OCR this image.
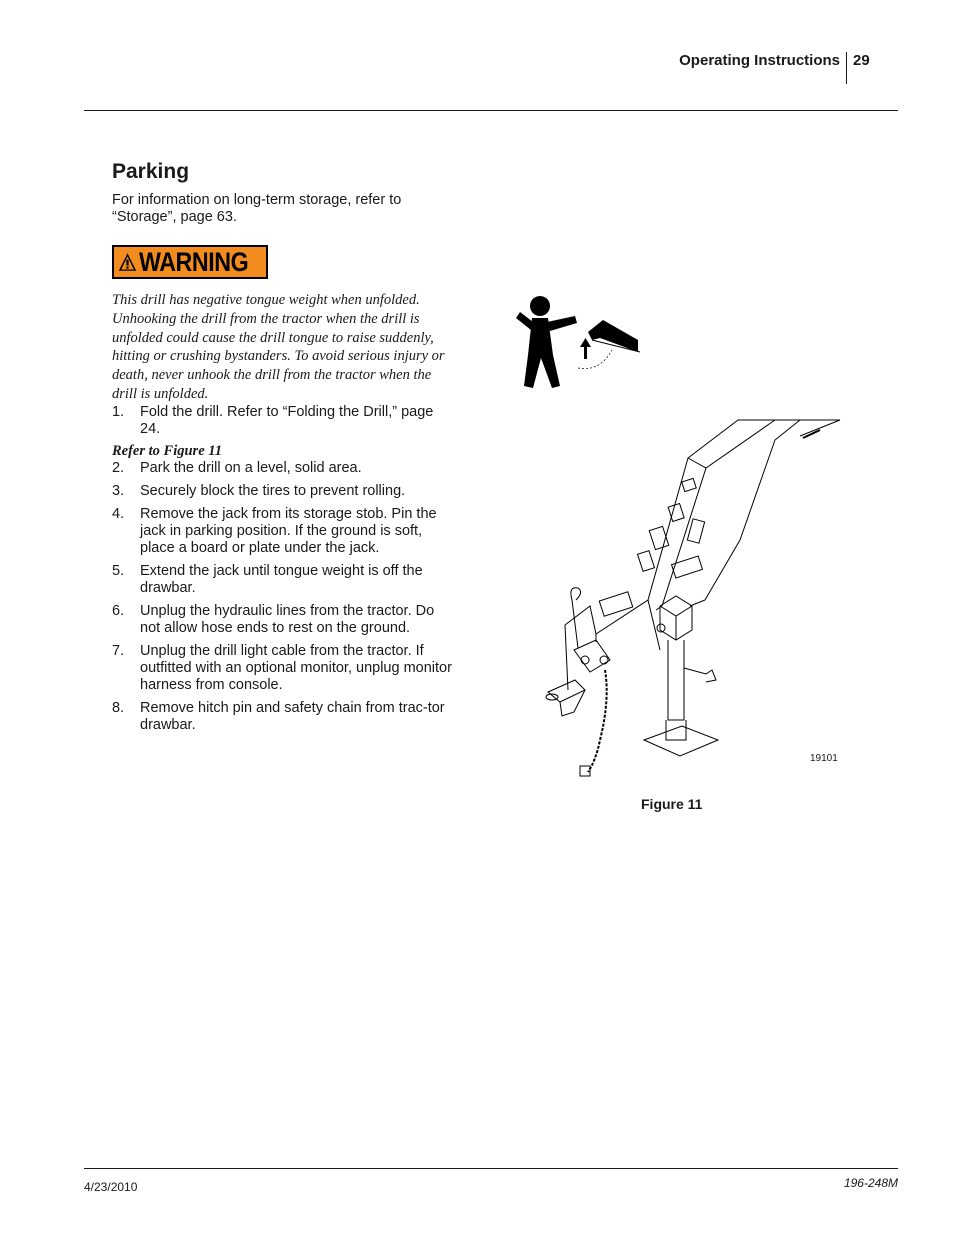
Operating Instructions 29
Parking

For information on long-term storage, refer to “Storage”, page 63.

WARNING

This drill has negative tongue weight when unfolded. Unhooking the drill from the tractor when the drill is unfolded could cause the drill tongue to raise suddenly, hitting or crushing bystanders. To avoid serious injury or death, never unhook the drill from the tractor when the drill is unfolded.

1.	Fold the drill. Refer to “Folding the Drill,” page 24.

Refer to Figure 11

2.	Park the drill on a level, solid area.
3.	Securely block the tires to prevent rolling.
4.	Remove the jack from its storage stob. Pin the jack in parking position. If the ground is soft, place a board or plate under the jack.
5.	Extend the jack until tongue weight is off the drawbar.
6.	Unplug the hydraulic lines from the tractor. Do not allow hose ends to rest on the ground.
7.	Unplug the drill light cable from the tractor. If outfitted with an optional monitor, unplug monitor harness from console.
8.	Remove hitch pin and safety chain from trac-tor drawbar.
19101
Figure 11
4/23/2010	196-248M
